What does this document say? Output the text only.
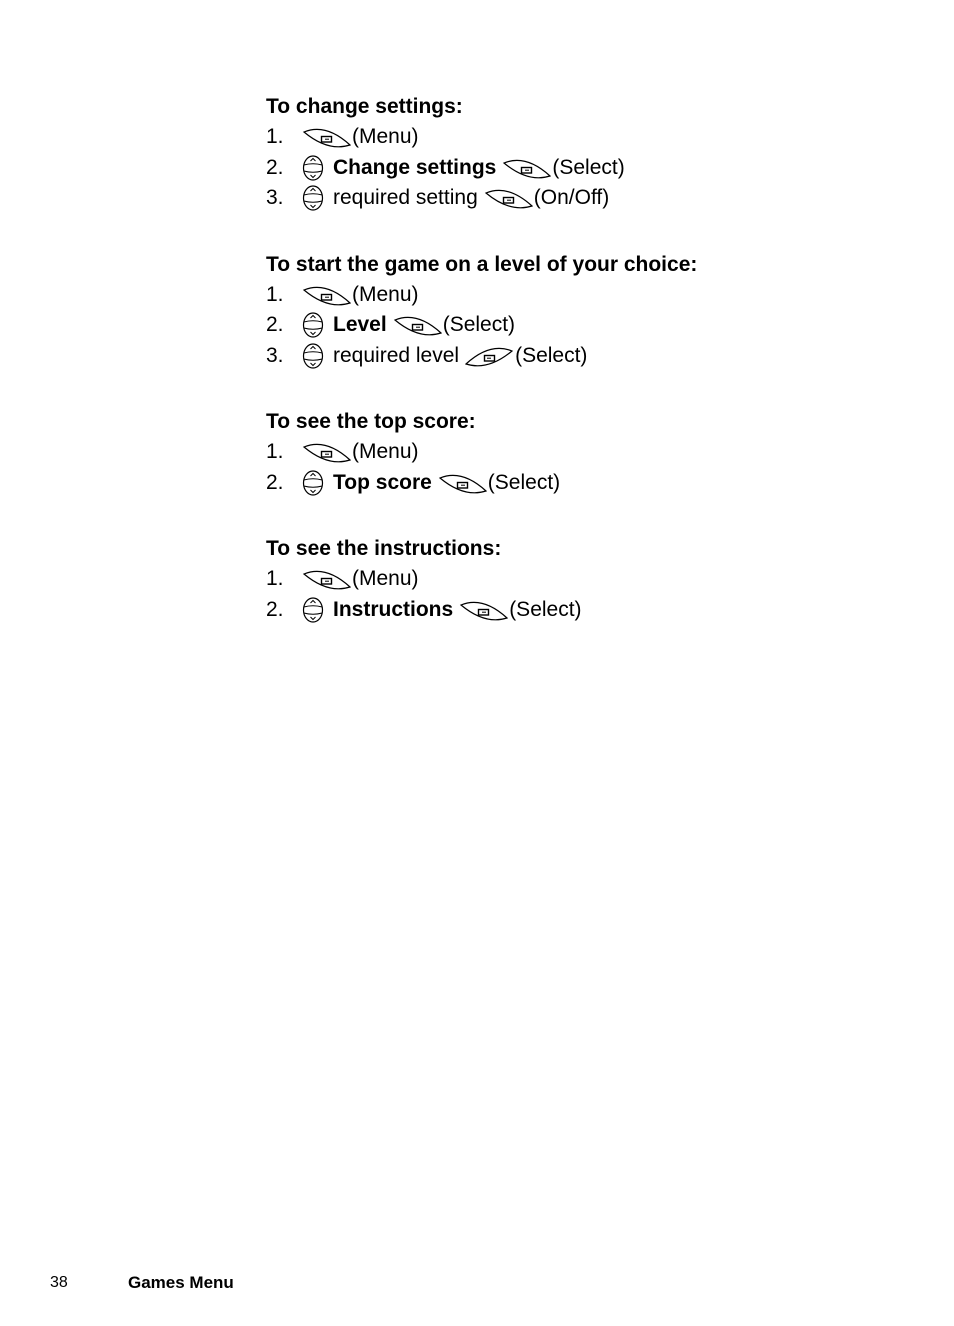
To change settings:
1.	(Menu)
2.	Change settings	(Select)
3.	required setting	(On/Off)
To start the game on a level of your choice:
1.	(Menu)
2.	Level	(Select)
3.	required level	(Select)
To see the top score:
1.	(Menu)
2.	Top score	(Select)
To see the instructions:
1.	(Menu)
2.	Instructions	(Select)
38	Games Menu
